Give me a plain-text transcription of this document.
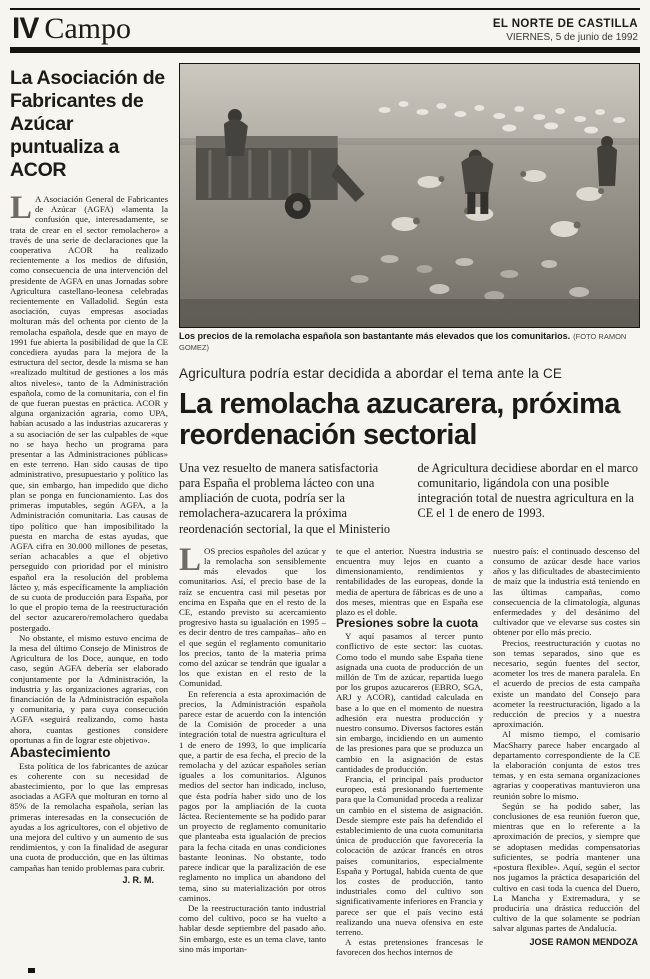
IV Campo	EL NORTE DE CASTILLA
VIERNES, 5 de junio de 1992
La Asociación de Fabricantes de Azúcar puntualiza a ACOR

L A Asociación General de Fabricantes de Azúcar (AGFA) «lamenta la confusión que, interesadamente, se trata de crear en el sector remolachero» a través de una serie de declaraciones que la cooperativa ACOR ha realizado recientemente a los medios de difusión, como consecuencia de una intervención del presidente de AGFA en unas Jornadas sobre Agricultura castellano-leonesa celebradas recientemente en Valladolid. Según esta asociación, cuyas empresas asociadas molturan más del ochenta por ciento de la remolacha española, desde que en mayo de 1991 fue abierta la posibilidad de que la CE concediera ayudas para la mejora de la estructura del sector, desde la misma se han «realizado multitud de gestiones a los más altos niveles», tanto de la Administración española, como de la comunitaria, con el fin de que fueran puestas en práctica. ACOR y alguna organización agraria, como UPA, habían acusado a las industrias azucareras y a su asociación de ser las culpables de «que no se haya hecho un programa para presentar a las Administraciones públicas» en este terreno. Han sido causas de tipo administrativo, presupuestario y político las que, sin embargo, han impedido que dicho plan se ponga en funcionamiento. Las dos primeras imputables, según AGFA, a la Administración comunitaria. Las causas de tipo político que han imposibilitado la puesta en marcha de estas ayudas, que AGFA cifra en 30.000 millones de pesetas, serían achacables a que el objetivo perseguido con prioridad por el ministro español era la resolución del problema lácteo y, más específicamente la ampliación de su cuota de producción para España, por lo que el propio tema de la reestructuración del sector azucarero/remolachero quedaba postergado.

No obstante, el mismo estuvo encima de la mesa del último Consejo de Ministros de Agricultura de los Doce, aunque, en todo caso, según AGFA debería ser elaborado conjuntamente por la Administración, la industria y las organizaciones agrarias, con financiación de la Administración española y comunitaria, y para cuya consecución AGFA «seguirá realizando, como hasta ahora, cuantas gestiones considere oportunas a fin de lograr este objetivo».

Abastecimiento

Esta política de los fabricantes de azúcar es coherente con su necesidad de abastecimiento, por lo que las empresas asociadas a AGFA que molturan en torno al 85% de la remolacha española, serían las primeras interesadas en la consecución de ayudas a los agricultores, con el objetivo de una mejora del cultivo y un aumento de sus rendimientos, y con la finalidad de asegurar una cuota de producción, que en las últimas campañas han tenido problemas para cubrir.

J. R. M.
Los precios de la remolacha española son bastantante más elevados que los comunitarios. (FOTO RAMON GOMEZ)
Agricultura podría estar decidida a abordar el tema ante la CE
La remolacha azucarera, próxima reordenación sectorial
Una vez resuelto de manera satisfactoria para España el problema lácteo con una ampliación de cuota, podría ser la remolachera-azucarera la próxima reordenación sectorial, la que el Ministerio
de Agricultura decidiese abordar en el marco comunitario, ligándola con una posible integración total de nuestra agricultura en la CE el 1 de enero de 1993.

LOS precios españoles del azúcar y la remolacha son sensiblemente más elevados que los comunitarios. Así, el precio base de la raíz se encuentra casi mil pesetas por encima en España que en el resto de la CE, estando previsto su acercamiento progresivo hasta su igualación en 1995 –es decir dentro de tres campañas– año en el que según el reglamento comunitario los precios, tanto de la materia prima como del azúcar se tendrán que igualar a los que existan en el resto de la Comunidad.

En referencia a esta aproximación de precios, la Administración española parece estar de acuerdo con la intención de la Comisión de proceder a una integración total de nuestra agricultura el 1 de enero de 1993, lo que implicaría que, a partir de esa fecha, el precio de la remolacha y del azúcar españoles serían iguales a los comunitarios. Algunos medios del sector han indicado, incluso, que ésta podría haber sido uno de los pagos por la ampliación de la cuota láctea. Recientemente se ha podido parar un proyecto de reglamento comunitario que planteaba esta igualación de precios para la fecha citada en unas condiciones bastante leoninas. No obstante, todo parece indicar que la paralización de ese reglamento no implica un abandono del tema, sino su materialización por otros caminos.

De la reestructuración tanto industrial como del cultivo, poco se ha vuelto a hablar desde septiembre del pasado año. Sin embargo, este es un tema clave, tanto sino más importan-

te que el anterior. Nuestra industria se encuentra muy lejos en cuanto a dimensionamiento, rendimientos y rentabilidades de las europeas, donde la media de apertura de fábricas es de uno a dos meses, mientras que en España ese plazo es el doble.

Presiones sobre la cuota

Y aquí pasamos al tercer punto conflictivo de este sector: las cuotas. Como todo el mundo sabe España tiene asignada una cuota de producción de un millón de Tm de azúcar, repartida luego por los grupos azucareros (EBRO, SGA, ARJ y ACOR), cantidad calculada en base a lo que en el momento de nuestra adhesión era nuestra producción y nuestro consumo. Diversos factores están sin embargo, incidiendo en un aumento de las presiones para que se produzca un cambio en la asignación de estas cantidades de producción.

Francia, el principal país productor europeo, está presionando fuertemente para que la Comunidad proceda a realizar un cambio en el sistema de asignación. Desde siempre este país ha defendido el establecimiento de una cuota comunitaria única de producción que favorecería la colocación de azúcar francés en otros países comunitarios, especialmente España y Portugal, habida cuenta de que los costes de producción, tanto industriales como del cultivo son significativamente inferiores en Francia y parece ser que el país vecino está realizando una nueva ofensiva en este terreno.

A estas pretensiones francesas le favorecen dos hechos internos de

nuestro país: el continuado descenso del consumo de azúcar desde hace varios años y las dificultades de abastecimiento de maíz que la industria está teniendo en las últimas campañas, como consecuencia de la climatología, algunas enfermedades y del desánimo del cultivador que ve elevarse sus costes sin obtener por ello más precio.

Precios, reestructuración y cuotas no son temas separados, sino que es necesario, según fuentes del sector, acometer los tres de manera paralela. En el acuerdo de precios de esta campaña existe un mandato del Consejo para acometer la reestructuración, ligado a la reducción de precios y a nuestra aproximación.

Al mismo tiempo, el comisario MacSharry parece haber encargado al departamento correspondiente de la CE la elaboración conjunta de estos tres temas, y en esta semana organizaciones agrarias y cooperativas mantuvieron una reunión sobre lo mismo.

Según se ha podido saber, las conclusiones de esa reunión fueron que, mientras que en lo referente a la aproximación de precios, y siempre que se adoptasen medidas compensatorias suficientes, se podría mantener una «postura flexible». Aquí, según el sector nos jugamos la práctica desaparición del cultivo en casi toda la cuenca del Duero, La Mancha y Extremadura, y se produciría una drástica reducción del cultivo de la que solamente se podrían salvar algunas partes de Andalucía.

JOSE RAMON MENDOZA
